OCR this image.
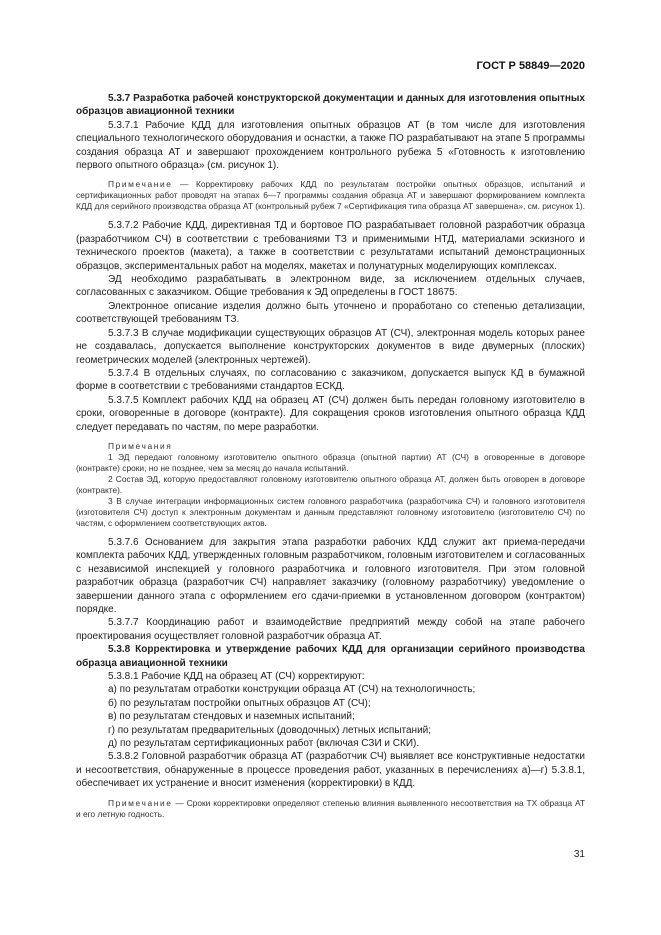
ГОСТ Р 58849—2020

5.3.7 Разработка рабочей конструкторской документации и данных для изготовления опытных образцов авиационной техники

5.3.7.1 Рабочие КДД для изготовления опытных образцов АТ (в том числе для изготовления специального технологического оборудования и оснастки, а также ПО разрабатывают на этапе 5 программы создания образца АТ и завершают прохождением контрольного рубежа 5 «Готовность к изготовлению первого опытного образца» (см. рисунок 1).

Примечание — Корректировку рабочих КДД по результатам постройки опытных образцов, испытаний и сертификационных работ проводят на этапах 6—7 программы создания образца АТ и завершают формированием комплекта КДД для серийного производства образца АТ (контрольный рубеж 7 «Сертификация типа образца АТ завершена», см. рисунок 1).

5.3.7.2 Рабочие КДД, директивная ТД и бортовое ПО разрабатывает головной разработчик образца (разработчиком СЧ) в соответствии с требованиями ТЗ и применимыми НТД, материалами эскизного и технического проектов (макета), а также в соответствии с результатами испытаний демонстрационных образцов, экспериментальных работ на моделях, макетах и полунатурных моделирующих комплексах.

ЭД необходимо разрабатывать в электронном виде, за исключением отдельных случаев, согласованных с заказчиком. Общие требования к ЭД определены в ГОСТ 18675.

Электронное описание изделия должно быть уточнено и проработано со степенью детализации, соответствующей требованиям ТЗ.

5.3.7.3 В случае модификации существующих образцов АТ (СЧ), электронная модель которых ранее не создавалась, допускается выполнение конструкторских документов в виде двумерных (плоских) геометрических моделей (электронных чертежей).

5.3.7.4 В отдельных случаях, по согласованию с заказчиком, допускается выпуск КД в бумажной форме в соответствии с требованиями стандартов ЕСКД.

5.3.7.5 Комплект рабочих КДД на образец АТ (СЧ) должен быть передан головному изготовителю в сроки, оговоренные в договоре (контракте). Для сокращения сроков изготовления опытного образца КДД следует передавать по частям, по мере разработки.

Примечания

1 ЭД передают головному изготовителю опытного образца (опытной партии) АТ (СЧ) в оговоренные в договоре (контракте) сроки, но не позднее, чем за месяц до начала испытаний.

2 Состав ЭД, которую предоставляют головному изготовителю опытного образца АТ, должен быть оговорен в договоре (контракте).

3 В случае интеграции информационных систем головного разработчика (разработчика СЧ) и головного изготовителя (изготовителя СЧ) доступ к электронным документам и данным представляют головному изготовителю (изготовителю СЧ) по частям, с оформлением соответствующих актов.

5.3.7.6 Основанием для закрытия этапа разработки рабочих КДД служит акт приема-передачи комплекта рабочих КДД, утвержденных головным разработчиком, головным изготовителем и согласованных с независимой инспекцией у головного разработчика и головного изготовителя. При этом головной разработчик образца (разработчик СЧ) направляет заказчику (головному разработчику) уведомление о завершении данного этапа с оформлением его сдачи-приемки в установленном договором (контрактом) порядке.

5.3.7.7 Координацию работ и взаимодействие предприятий между собой на этапе рабочего проектирования осуществляет головной разработчик образца АТ.

5.3.8 Корректировка и утверждение рабочих КДД для организации серийного производства образца авиационной техники

5.3.8.1 Рабочие КДД на образец АТ (СЧ) корректируют:

а) по результатам отработки конструкции образца АТ (СЧ) на технологичность;

б) по результатам постройки опытных образцов АТ (СЧ);

в) по результатам стендовых и наземных испытаний;

г) по результатам предварительных (доводочных) летных испытаний;

д) по результатам сертификационных работ (включая СЗИ и СКИ).

5.3.8.2 Головной разработчик образца АТ (разработчик СЧ) выявляет все конструктивные недостатки и несоответствия, обнаруженные в процессе проведения работ, указанных в перечислениях а)—г) 5.3.8.1, обеспечивает их устранение и вносит изменения (корректировки) в КДД.

Примечание — Сроки корректировки определяют степенью влияния выявленного несоответствия на ТХ образца АТ и его летную годность.

31
